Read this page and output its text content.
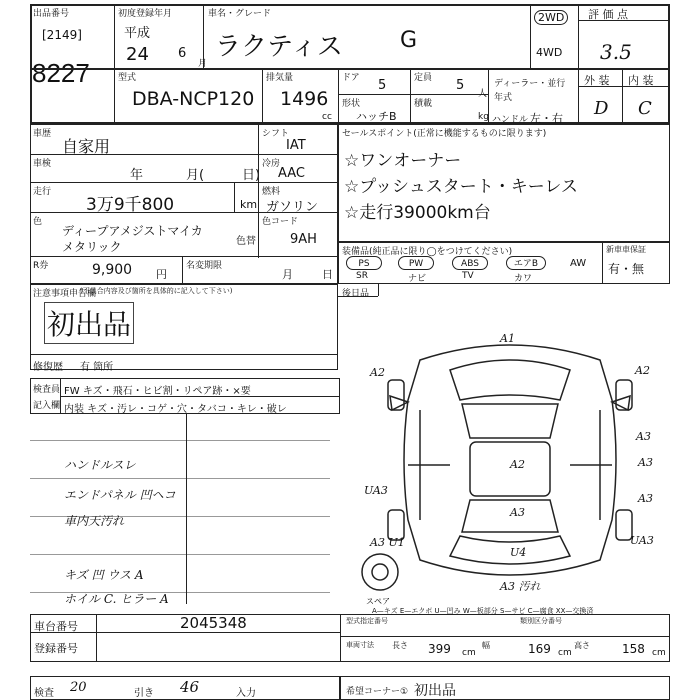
出品番号
[2149]
8227
初度登録年月
平成
24 6
月
車名・グレード
ラクティス	G
2WD
4WD
評 価 点
3.5
型式
DBA-NCP120
排気量
1496
cc
ドア 5	定員 5
人
形状
ハッチB
積載
kg
ディーラー・並行
年式
ハンドル 左・右
外 装 内 装
D C
車歴
自家用
車検
年	月(	日)
走行
3万9千800	km
色
ディープアメジストマイカ
メタリック	色替
R券	9,900 円
名変期限
月	日
シフト
IAT
冷房
AAC
燃料
ガソリン
色コード
9AH
セールスポイント(正常に機能するものに限ります)
☆ワンオーナー
☆プッシュスタート・キーレス
☆走行39000km台
装備品(純正品に限り◯をつけてください)	新車車保証
PS	PW	ABS	エアB	AW
SR	ナビ	TV	カワ
有・無
注意事項申告欄
(不具合内容及び箇所を具体的に記入して下さい)
初出品
修復歴 有 箇所
後日品
検査員
記入欄
FW キズ・飛石・ヒビ割・リペア跡・×要
内装 キズ・汚レ・コゲ・穴・タバコ・キレ・破レ
ハンドルスレ
エンドパネル 凹ヘコ
車内天汚れ
キズ 凹 ウス A
ホイル C. ヒラー A	スペア
A1
A2	A2
A3
A3
A3
UA3
UA3
A2
A3
U4
A3 汚れ
A3 U1
A—キズ E—エクボ U—凹み W—板部分 S—サビ C—腐食 XX—交換済
車台番号	2045348
登録番号
型式指定番号	類別区分番号
車両寸法 長さ 399 cm
幅	169 cm
高さ	158 cm
検査 20	引き 46	入力	希望コーナー① 初出品
